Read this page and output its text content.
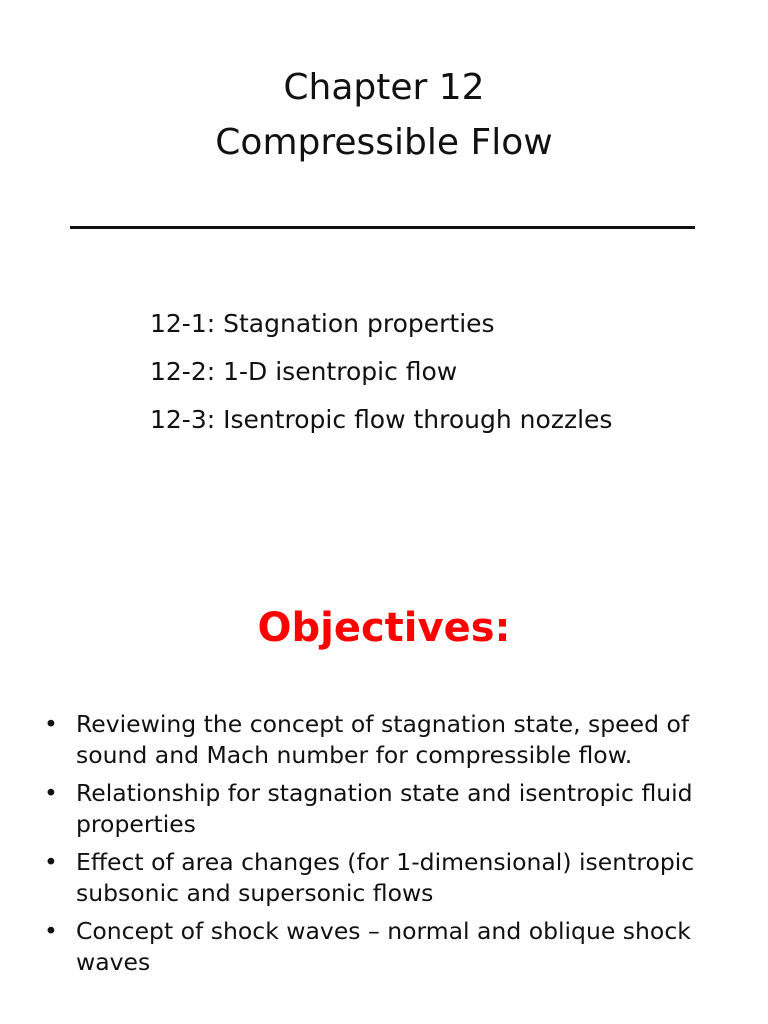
Chapter 12
Compressible Flow
12-1: Stagnation properties
12-2: 1-D isentropic flow
12-3: Isentropic flow through nozzles
Objectives:
• Reviewing the concept of stagnation state, speed of sound and Mach number for compressible flow.
• Relationship for stagnation state and isentropic fluid properties
• Effect of area changes (for 1-dimensional) isentropic subsonic and supersonic flows
• Concept of shock waves – normal and oblique shock waves
